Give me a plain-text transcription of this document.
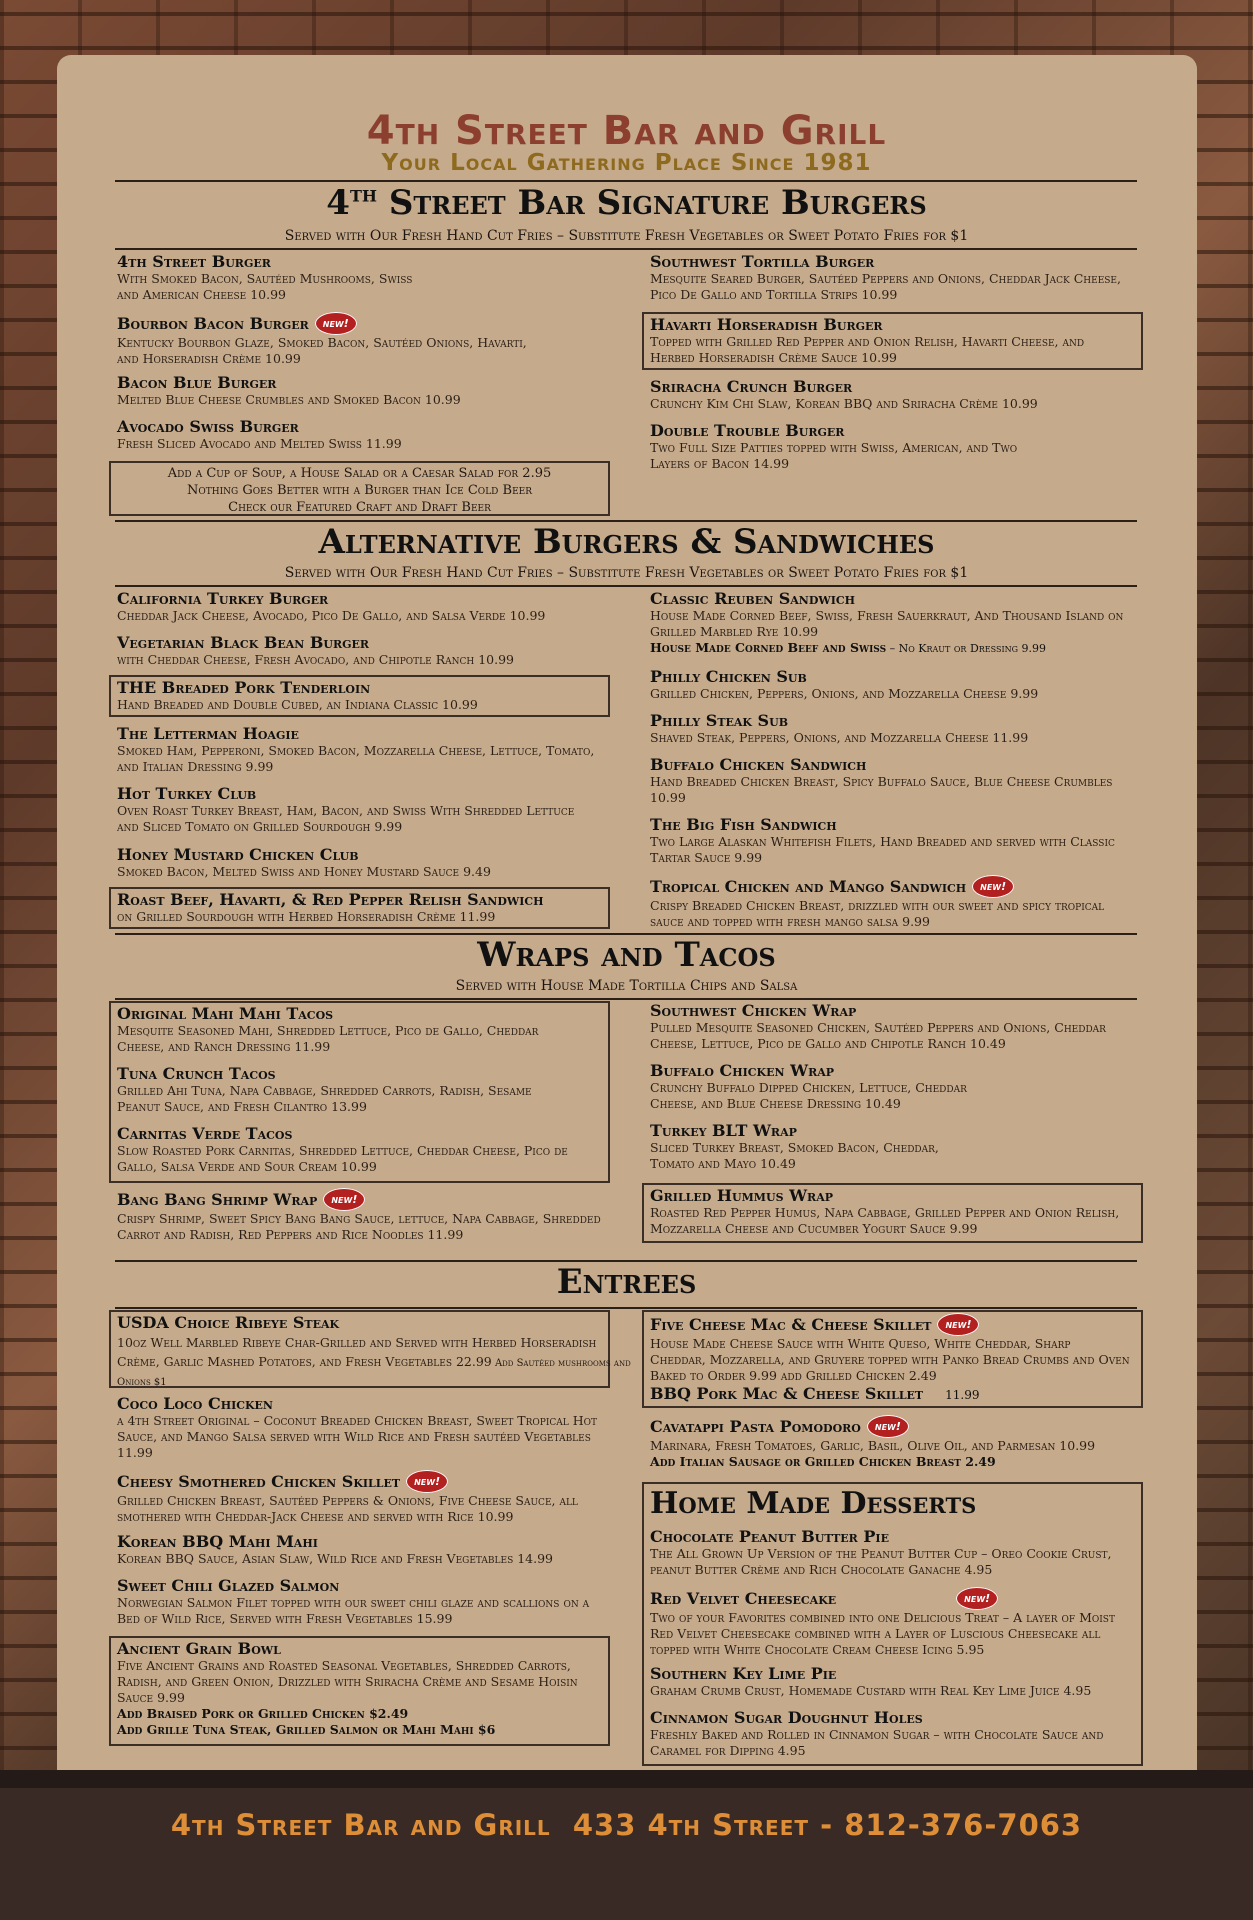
4th Street Bar and Grill
Your Local Gathering Place Since 1981
4TH Street Bar Signature Burgers
Served with Our Fresh Hand Cut Fries – Substitute Fresh Vegetables or Sweet Potato Fries for $1
4th Street Burger
With Smoked Bacon, Sautéed Mushrooms, Swiss and American Cheese 10.99
Bourbon Bacon Burger new!
Kentucky Bourbon Glaze, Smoked Bacon, Sautéed Onions, Havarti, and Horseradish Crème 10.99
Bacon Blue Burger
Melted Blue Cheese Crumbles and Smoked Bacon 10.99
Avocado Swiss Burger
Fresh Sliced Avocado and Melted Swiss 11.99
Add a Cup of Soup, a House Salad or a Caesar Salad for 2.95
Nothing Goes Better with a Burger than Ice Cold Beer
Check our Featured Craft and Draft Beer
Southwest Tortilla Burger
Mesquite Seared Burger, Sautéed Peppers and Onions, Cheddar Jack Cheese, Pico De Gallo and Tortilla Strips 10.99
Havarti Horseradish Burger
Topped with Grilled Red Pepper and Onion Relish, Havarti Cheese, and Herbed Horseradish Crème Sauce 10.99
Sriracha Crunch Burger
Crunchy Kim Chi Slaw, Korean BBQ and Sriracha Crème 10.99
Double Trouble Burger
Two Full Size Patties topped with Swiss, American, and Two Layers of Bacon 14.99
Alternative Burgers & Sandwiches
Served with Our Fresh Hand Cut Fries – Substitute Fresh Vegetables or Sweet Potato Fries for $1
California Turkey Burger
Cheddar Jack Cheese, Avocado, Pico De Gallo, and Salsa Verde 10.99
Vegetarian Black Bean Burger
with Cheddar Cheese, Fresh Avocado, and Chipotle Ranch 10.99
THE Breaded Pork Tenderloin
Hand Breaded and Double Cubed, an Indiana Classic 10.99
The Letterman Hoagie
Smoked Ham, Pepperoni, Smoked Bacon, Mozzarella Cheese, Lettuce, Tomato, and Italian Dressing 9.99
Hot Turkey Club
Oven Roast Turkey Breast, Ham, Bacon, and Swiss With Shredded Lettuce and Sliced Tomato on Grilled Sourdough 9.99
Honey Mustard Chicken Club
Smoked Bacon, Melted Swiss and Honey Mustard Sauce 9.49
Roast Beef, Havarti, & Red Pepper Relish Sandwich
on Grilled Sourdough with Herbed Horseradish Crème 11.99
Classic Reuben Sandwich
House Made Corned Beef, Swiss, Fresh Sauerkraut, And Thousand Island on Grilled Marbled Rye 10.99
House Made Corned Beef and Swiss – No Kraut or Dressing 9.99
Philly Chicken Sub
Grilled Chicken, Peppers, Onions, and Mozzarella Cheese 9.99
Philly Steak Sub
Shaved Steak, Peppers, Onions, and Mozzarella Cheese 11.99
Buffalo Chicken Sandwich
Hand Breaded Chicken Breast, Spicy Buffalo Sauce, Blue Cheese Crumbles 10.99
The Big Fish Sandwich
Two Large Alaskan Whitefish Filets, Hand Breaded and served with Classic Tartar Sauce 9.99
Tropical Chicken and Mango Sandwich new!
Crispy Breaded Chicken Breast, drizzled with our sweet and spicy tropical sauce and topped with fresh mango salsa 9.99
Wraps and Tacos
Served with House Made Tortilla Chips and Salsa
Original Mahi Mahi Tacos
Mesquite Seasoned Mahi, Shredded Lettuce, Pico de Gallo, Cheddar Cheese, and Ranch Dressing 11.99
Tuna Crunch Tacos
Grilled Ahi Tuna, Napa Cabbage, Shredded Carrots, Radish, Sesame Peanut Sauce, and Fresh Cilantro 13.99
Carnitas Verde Tacos
Slow Roasted Pork Carnitas, Shredded Lettuce, Cheddar Cheese, Pico de Gallo, Salsa Verde and Sour Cream 10.99
Bang Bang Shrimp Wrap new!
Crispy Shrimp, Sweet Spicy Bang Bang Sauce, lettuce, Napa Cabbage, Shredded Carrot and Radish, Red Peppers and Rice Noodles 11.99
Southwest Chicken Wrap
Pulled Mesquite Seasoned Chicken, Sautéed Peppers and Onions, Cheddar Cheese, Lettuce, Pico de Gallo and Chipotle Ranch 10.49
Buffalo Chicken Wrap
Crunchy Buffalo Dipped Chicken, Lettuce, Cheddar Cheese, and Blue Cheese Dressing 10.49
Turkey BLT Wrap
Sliced Turkey Breast, Smoked Bacon, Cheddar, Tomato and Mayo 10.49
Grilled Hummus Wrap
Roasted Red Pepper Humus, Napa Cabbage, Grilled Pepper and Onion Relish, Mozzarella Cheese and Cucumber Yogurt Sauce 9.99
Entrees
USDA Choice Ribeye Steak
10oz Well Marbled Ribeye Char-Grilled and Served with Herbed Horseradish Crème, Garlic Mashed Potatoes, and Fresh Vegetables 22.99 Add Sautéed mushrooms and Onions $1
Coco Loco Chicken
a 4th Street Original – Coconut Breaded Chicken Breast, Sweet Tropical Hot Sauce, and Mango Salsa served with Wild Rice and Fresh sautéed Vegetables 11.99
Cheesy Smothered Chicken Skillet new!
Grilled Chicken Breast, Sautéed Peppers & Onions, Five Cheese Sauce, all smothered with Cheddar-Jack Cheese and served with Rice 10.99
Korean BBQ Mahi Mahi
Korean BBQ Sauce, Asian Slaw, Wild Rice and Fresh Vegetables 14.99
Sweet Chili Glazed Salmon
Norwegian Salmon Filet topped with our sweet chili glaze and scallions on a Bed of Wild Rice, Served with Fresh Vegetables 15.99
Ancient Grain Bowl
Five Ancient Grains and Roasted Seasonal Vegetables, Shredded Carrots, Radish, and Green Onion, Drizzled with Sriracha Crème and Sesame Hoisin Sauce 9.99
Add Braised Pork or Grilled Chicken $2.49
Add Grille Tuna Steak, Grilled Salmon or Mahi Mahi $6
Five Cheese Mac & Cheese Skillet new!
House Made Cheese Sauce with White Queso, White Cheddar, Sharp Cheddar, Mozzarella, and Gruyere topped with Panko Bread Crumbs and Oven Baked to Order 9.99 add Grilled Chicken 2.49
BBQ Pork Mac & Cheese Skillet 11.99
Cavatappi Pasta Pomodoro new!
Marinara, Fresh Tomatoes, Garlic, Basil, Olive Oil, and Parmesan 10.99
Add Italian Sausage or Grilled Chicken Breast 2.49
Home Made Desserts
Chocolate Peanut Butter Pie
The All Grown Up Version of the Peanut Butter Cup – Oreo Cookie Crust, peanut Butter Crème and Rich Chocolate Ganache 4.95
Red Velvet Cheesecake	new!
Two of your Favorites combined into one Delicious Treat – A layer of Moist Red Velvet Cheesecake combined with a Layer of Luscious Cheesecake all topped with White Chocolate Cream Cheese Icing 5.95
Southern Key Lime Pie
Graham Crumb Crust, Homemade Custard with Real Key Lime Juice 4.95
Cinnamon Sugar Doughnut Holes
Freshly Baked and Rolled in Cinnamon Sugar – with Chocolate Sauce and Caramel for Dipping 4.95
4th Street Bar and Grill  433 4th Street - 812-376-7063
